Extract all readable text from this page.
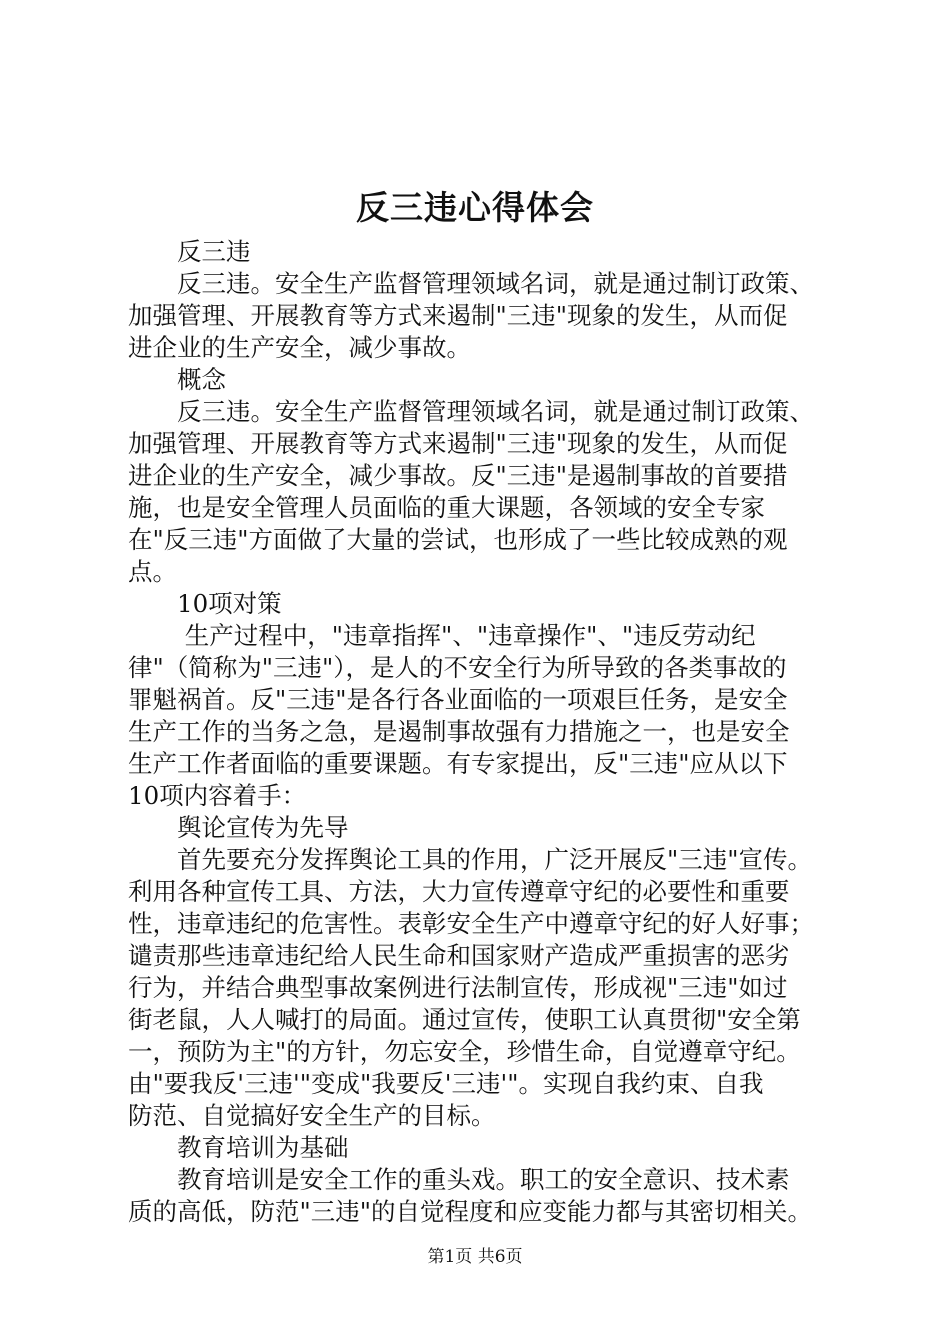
反三违心得体会
　　反三违
　　反三违。安全生产监督管理领域名词，就是通过制订政策、
加强管理、开展教育等方式来遏制"三违"现象的发生，从而促
进企业的生产安全，减少事故。
　　概念
　　反三违。安全生产监督管理领域名词，就是通过制订政策、
加强管理、开展教育等方式来遏制"三违"现象的发生，从而促
进企业的生产安全，减少事故。反"三违"是遏制事故的首要措
施，也是安全管理人员面临的重大课题，各领域的安全专家
在"反三违"方面做了大量的尝试，也形成了一些比较成熟的观
点。
　　10项对策
　　 生产过程中，"违章指挥"、"违章操作"、"违反劳动纪
律"（简称为"三违"），是人的不安全行为所导致的各类事故的
罪魁祸首。反"三违"是各行各业面临的一项艰巨任务，是安全
生产工作的当务之急，是遏制事故强有力措施之一，也是安全
生产工作者面临的重要课题。有专家提出，反"三违"应从以下
10项内容着手：
　　舆论宣传为先导
　　首先要充分发挥舆论工具的作用，广泛开展反"三违"宣传。
利用各种宣传工具、方法，大力宣传遵章守纪的必要性和重要
性，违章违纪的危害性。表彰安全生产中遵章守纪的好人好事；
谴责那些违章违纪给人民生命和国家财产造成严重损害的恶劣
行为，并结合典型事故案例进行法制宣传，形成视"三违"如过
街老鼠，人人喊打的局面。通过宣传，使职工认真贯彻"安全第
一，预防为主"的方针，勿忘安全，珍惜生命，自觉遵章守纪。
由"要我反'三违'"变成"我要反'三违'"。实现自我约束、自我
防范、自觉搞好安全生产的目标。
　　教育培训为基础
　　教育培训是安全工作的重头戏。职工的安全意识、技术素
质的高低，防范"三违"的自觉程度和应变能力都与其密切相关。
第1页 共6页
